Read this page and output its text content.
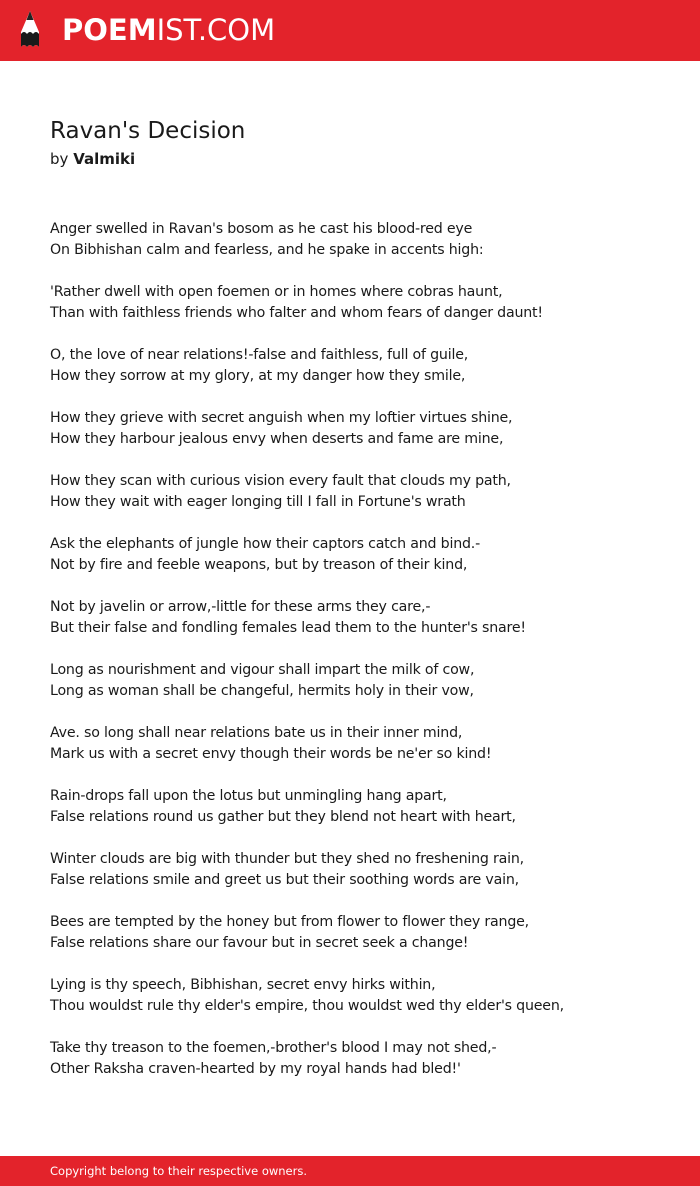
POEMIST.COM
Ravan's Decision
by Valmiki
Anger swelled in Ravan's bosom as he cast his blood-red eye
On Bibhishan calm and fearless, and he spake in accents high:
'Rather dwell with open foemen or in homes where cobras haunt,
Than with faithless friends who falter and whom fears of danger daunt!
O, the love of near relations!-false and faithless, full of guile,
How they sorrow at my glory, at my danger how they smile,
How they grieve with secret anguish when my loftier virtues shine,
How they harbour jealous envy when deserts and fame are mine,
How they scan with curious vision every fault that clouds my path,
How they wait with eager longing till I fall in Fortune's wrath
Ask the elephants of jungle how their captors catch and bind.-
Not by fire and feeble weapons, but by treason of their kind,
Not by javelin or arrow,-little for these arms they care,-
But their false and fondling females lead them to the hunter's snare!
Long as nourishment and vigour shall impart the milk of cow,
Long as woman shall be changeful, hermits holy in their vow,
Ave. so long shall near relations bate us in their inner mind,
Mark us with a secret envy though their words be ne'er so kind!
Rain-drops fall upon the lotus but unmingling hang apart,
False relations round us gather but they blend not heart with heart,
Winter clouds are big with thunder but they shed no freshening rain,
False relations smile and greet us but their soothing words are vain,
Bees are tempted by the honey but from flower to flower they range,
False relations share our favour but in secret seek a change!
Lying is thy speech, Bibhishan, secret envy hirks within,
Thou wouldst rule thy elder's empire, thou wouldst wed thy elder's queen,
Take thy treason to the foemen,-brother's blood I may not shed,-
Other Raksha craven-hearted by my royal hands had bled!'
Copyright belong to their respective owners.
